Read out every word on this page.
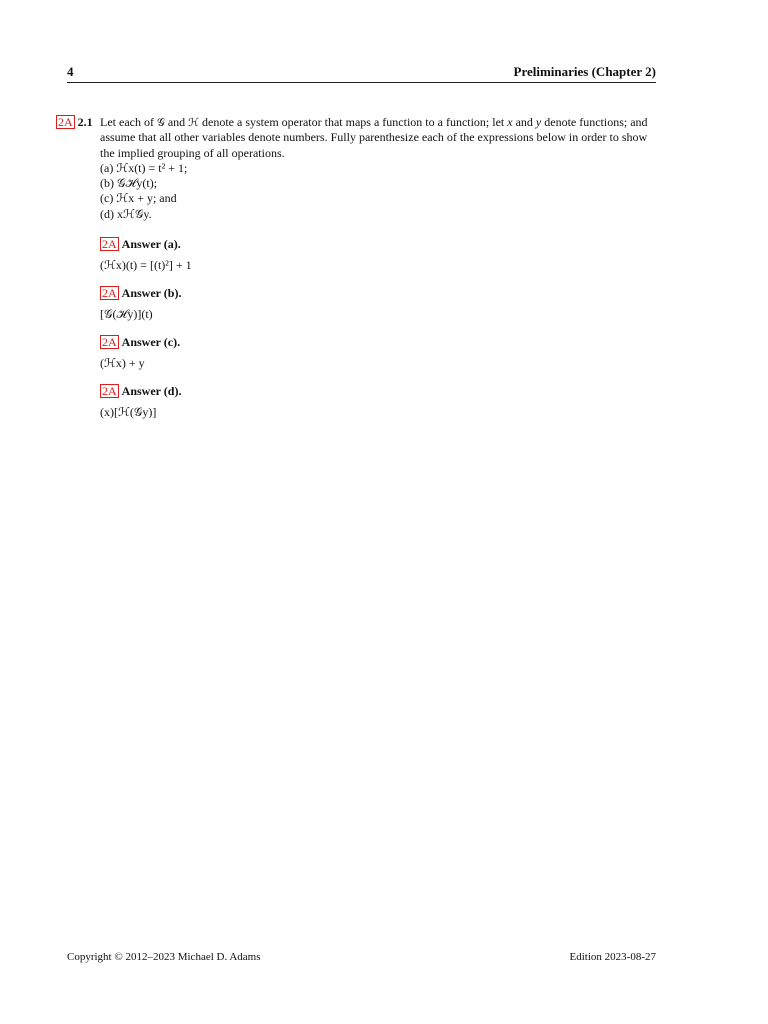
4	Preliminaries (Chapter 2)
2A 2.1 Let each of 𝒢 and ℋ denote a system operator that maps a function to a function; let x and y denote functions; and assume that all other variables denote numbers. Fully parenthesize each of the expressions below in order to show the implied grouping of all operations.

(a) ℋx(t) = t² + 1;

(b) 𝒢ℋy(t);

(c) ℋx + y; and

(d) xℋ𝒢y.

2A Answer (a).
(ℋx)(t) = [(t)²] + 1
2A Answer (b).
[𝒢(ℋy)](t)
2A Answer (c).
(ℋx) + y
2A Answer (d).
(x)[ℋ(𝒢y)]
Copyright © 2012–2023 Michael D. Adams	Edition 2023-08-27
